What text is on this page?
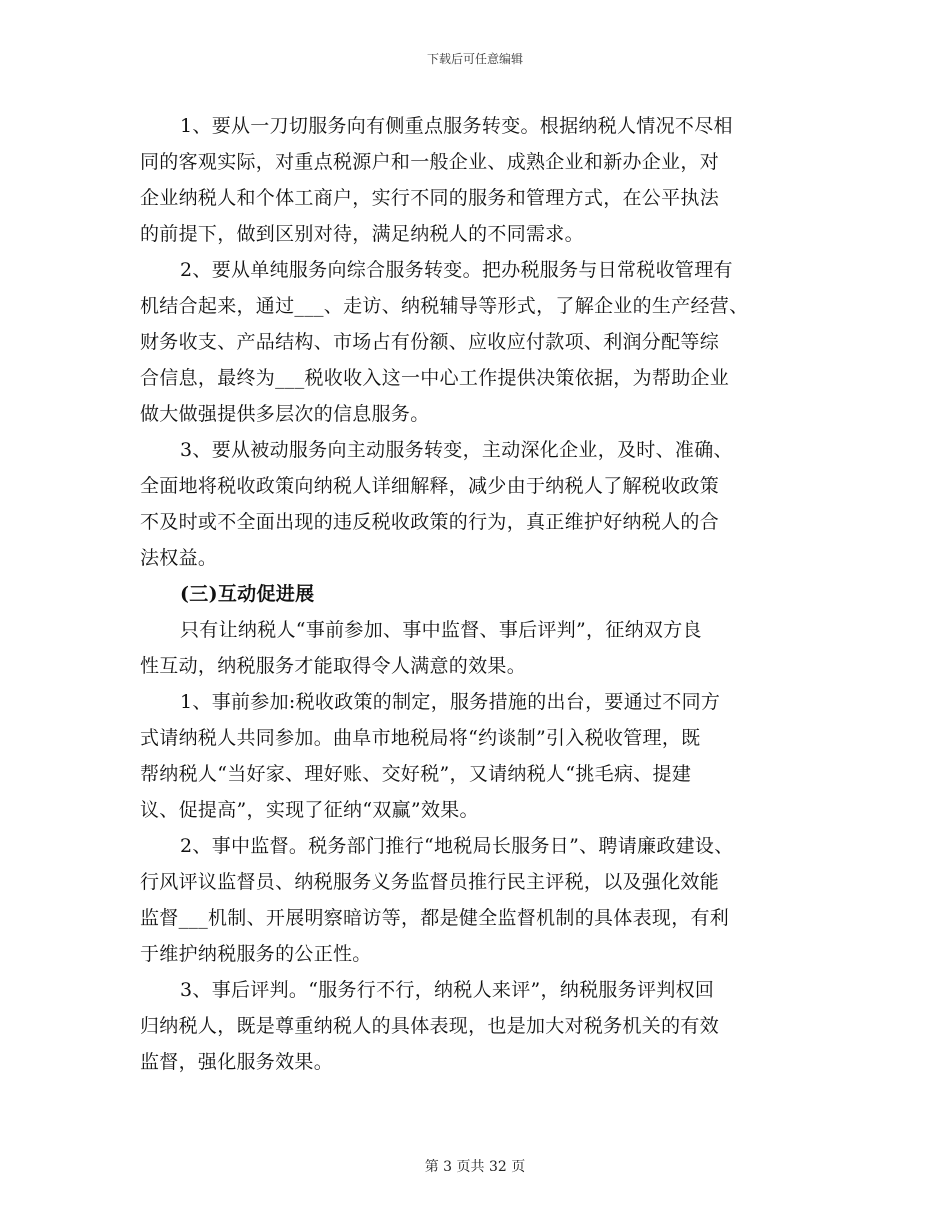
下载后可任意编辑
1、要从一刀切服务向有侧重点服务转变。根据纳税人情况不尽相
同的客观实际，对重点税源户和一般企业、成熟企业和新办企业，对
企业纳税人和个体工商户，实行不同的服务和管理方式，在公平执法
的前提下，做到区别对待，满足纳税人的不同需求。
2、要从单纯服务向综合服务转变。把办税服务与日常税收管理有
机结合起来，通过___、走访、纳税辅导等形式，了解企业的生产经营、
财务收支、产品结构、市场占有份额、应收应付款项、利润分配等综
合信息，最终为___税收收入这一中心工作提供决策依据，为帮助企业
做大做强提供多层次的信息服务。
3、要从被动服务向主动服务转变，主动深化企业，及时、准确、
全面地将税收政策向纳税人详细解释，减少由于纳税人了解税收政策
不及时或不全面出现的违反税收政策的行为，真正维护好纳税人的合
法权益。
(三)互动促进展
只有让纳税人“事前参加、事中监督、事后评判”，征纳双方良
性互动，纳税服务才能取得令人满意的效果。
1、事前参加:税收政策的制定，服务措施的出台，要通过不同方
式请纳税人共同参加。曲阜市地税局将“约谈制”引入税收管理，既
帮纳税人“当好家、理好账、交好税”，又请纳税人“挑毛病、提建
议、促提高”，实现了征纳“双赢”效果。
2、事中监督。税务部门推行“地税局长服务日”、聘请廉政建设、
行风评议监督员、纳税服务义务监督员推行民主评税，以及强化效能
监督___机制、开展明察暗访等，都是健全监督机制的具体表现，有利
于维护纳税服务的公正性。
3、事后评判。“服务行不行，纳税人来评”，纳税服务评判权回
归纳税人，既是尊重纳税人的具体表现，也是加大对税务机关的有效
监督，强化服务效果。
第 3 页共 32 页
